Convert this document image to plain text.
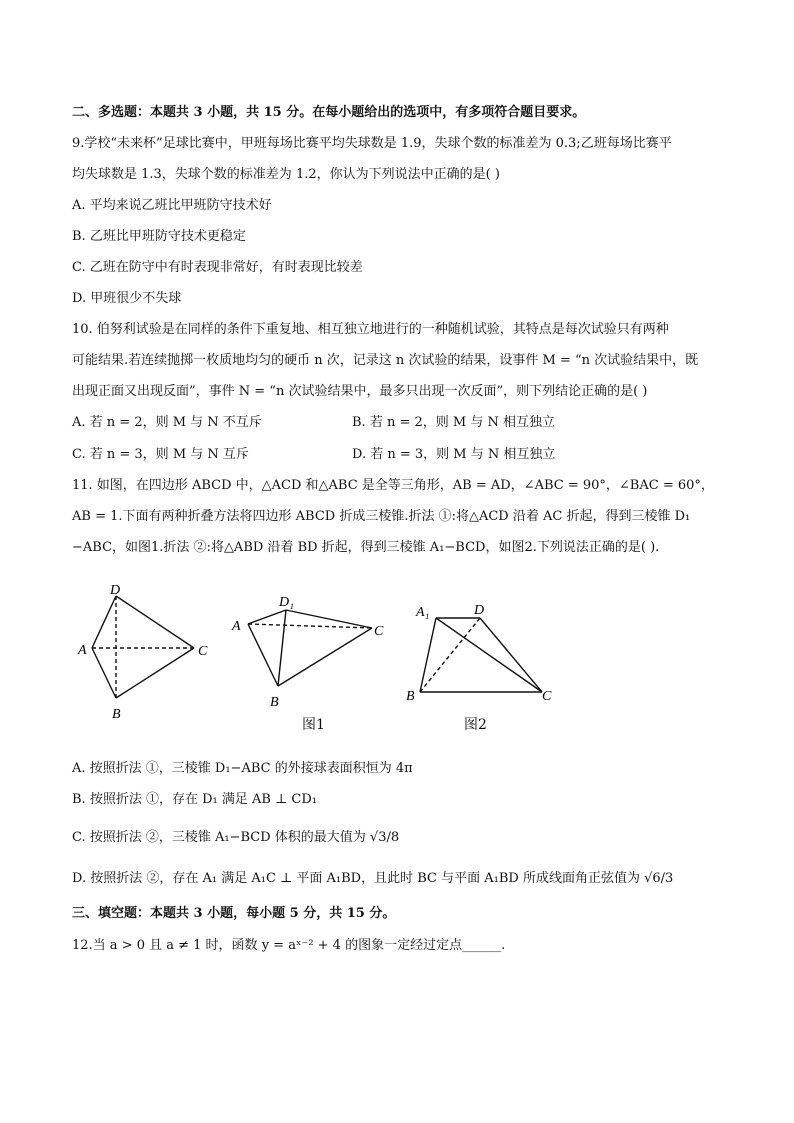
二、多选题：本题共 3 小题，共 15 分。在每小题给出的选项中，有多项符合题目要求。
9.学校“未来杯”足球比赛中，甲班每场比赛平均失球数是 1.9，失球个数的标准差为 0.3;乙班每场比赛平
均失球数是 1.3，失球个数的标准差为 1.2，你认为下列说法中正确的是( )
A. 平均来说乙班比甲班防守技术好
B. 乙班比甲班防守技术更稳定
C. 乙班在防守中有时表现非常好，有时表现比较差
D. 甲班很少不失球
10. 伯努利试验是在同样的条件下重复地、相互独立地进行的一种随机试验，其特点是每次试验只有两种
可能结果.若连续抛掷一枚质地均匀的硬币 n 次，记录这 n 次试验的结果，设事件 M = “n 次试验结果中，既
出现正面又出现反面”，事件 N = “n 次试验结果中，最多只出现一次反面”，则下列结论正确的是( )
A. 若 n = 2，则 M 与 N 不互斥	B. 若 n = 2，则 M 与 N 相互独立
C. 若 n = 3，则 M 与 N 互斥	D. 若 n = 3，则 M 与 N 相互独立
11. 如图，在四边形 ABCD 中，△ACD 和△ABC 是全等三角形，AB = AD，∠ABC = 90°，∠BAC = 60°，
AB = 1.下面有两种折叠方法将四边形 ABCD 折成三棱锥.折法 ①:将△ACD 沿着 AC 折起，得到三棱锥 D₁
−ABC，如图1.折法 ②:将△ABD 沿着 BD 折起，得到三棱锥 A₁−BCD，如图2.下列说法正确的是( ).
D
A	C
B
D₁
A	C
B
图1
A₁	D
B	C
图2
A. 按照折法 ①，三棱锥 D₁−ABC 的外接球表面积恒为 4π
B. 按照折法 ①，存在 D₁ 满足 AB ⊥ CD₁
C. 按照折法 ②，三棱锥 A₁−BCD 体积的最大值为 √3/8
D. 按照折法 ②，存在 A₁ 满足 A₁C ⊥ 平面 A₁BD，且此时 BC 与平面 A₁BD 所成线面角正弦值为 √6/3
三、填空题：本题共 3 小题，每小题 5 分，共 15 分。
12.当 a > 0 且 a ≠ 1 时，函数 y = aˣ⁻² + 4 的图象一定经过定点______.
